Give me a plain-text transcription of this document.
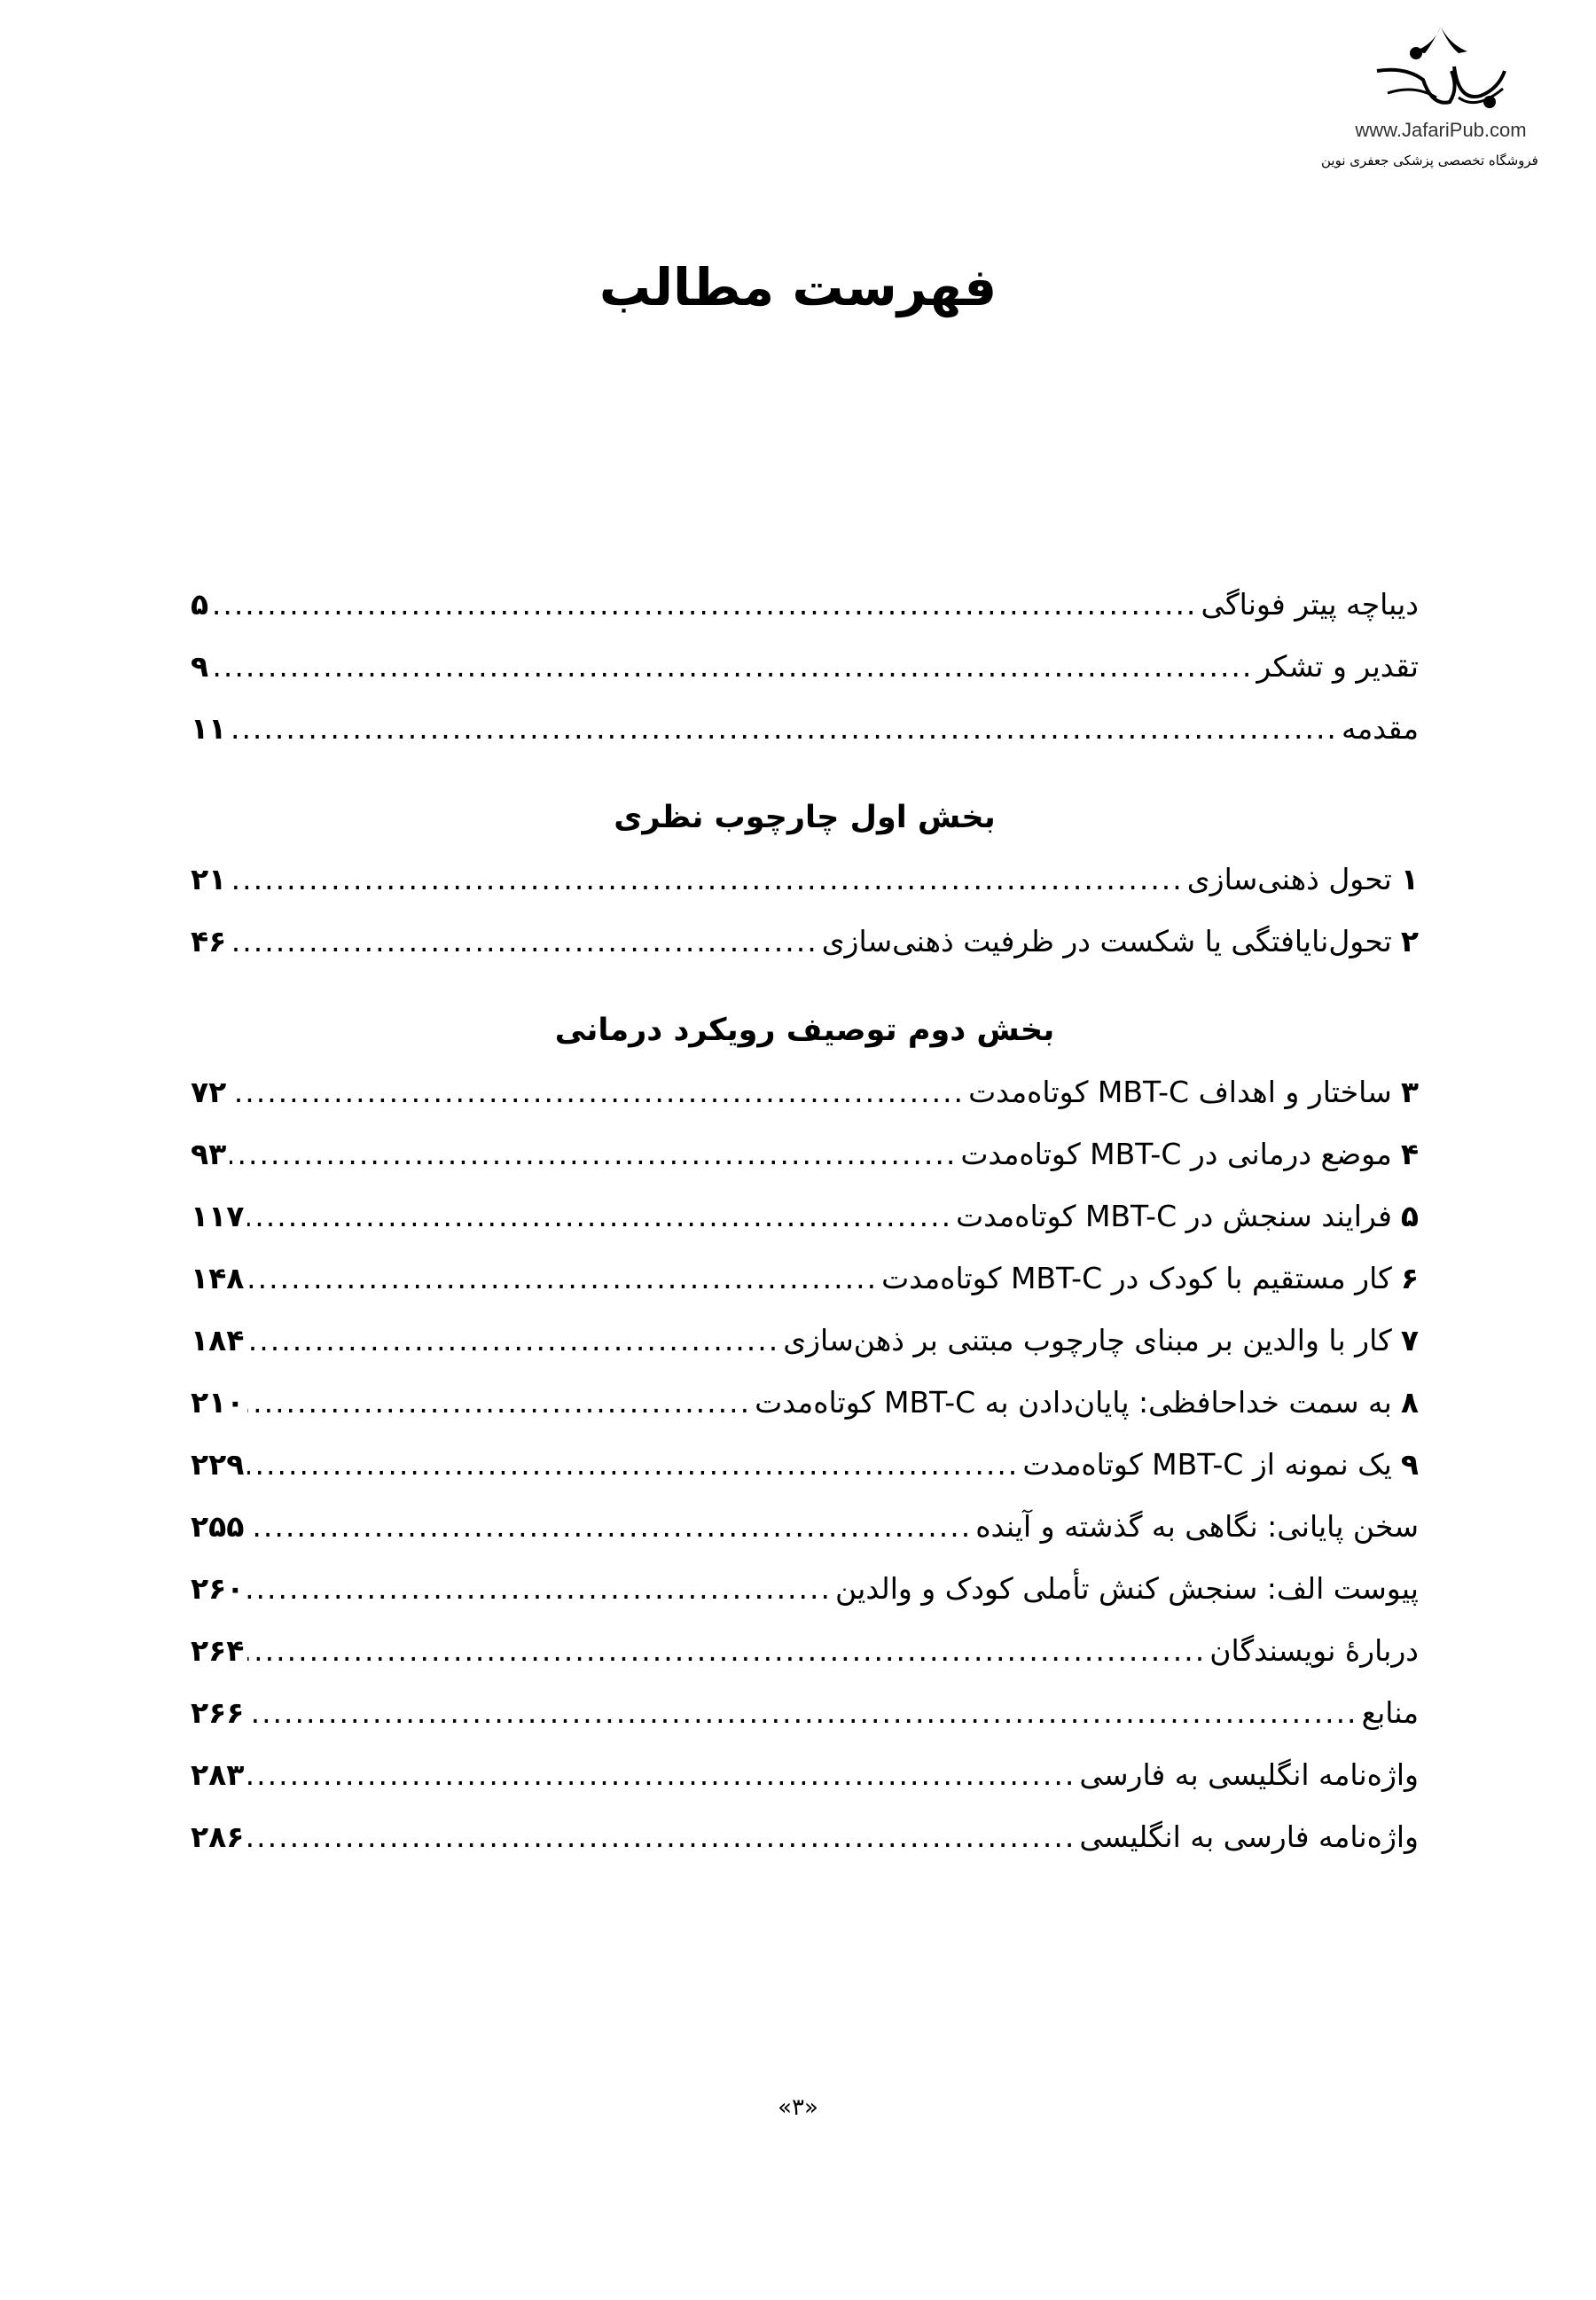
www.JafariPub.com
فروشگاه تخصصی پزشکی جعفری نوین
فهرست مطالب
دیباچه پیتر فوناگی
.....
۵
تقدیر و تشکر
.....
۹
مقدمه
.....
۱۱
بخش اول چارچوب نظری
۱
تحول ذهنی‌سازی
.....
۲۱
۲
تحول‌نایافتگی یا شکست در ظرفیت ذهنی‌سازی
.....
۴۶
بخش دوم توصیف رویکرد درمانی
۳
ساختار و اهداف MBT-C کوتاه‌مدت
.....
۷۲
۴
موضع درمانی در MBT-C کوتاه‌مدت
.....
۹۳
۵
فرایند سنجش در MBT-C کوتاه‌مدت
.....
۱۱۷
۶
کار مستقیم با کودک در MBT-C کوتاه‌مدت
.....
۱۴۸
۷
کار با والدین بر مبنای چارچوب مبتنی بر ذهن‌سازی
.....
۱۸۴
۸
به سمت خداحافظی: پایان‌دادن به MBT-C کوتاه‌مدت
.....
۲۱۰
۹
یک نمونه از MBT-C کوتاه‌مدت
.....
۲۲۹
سخن پایانی: نگاهی به گذشته و آینده
.....
۲۵۵
پیوست الف: سنجش کنش تأملی کودک و والدین
.....
۲۶۰
دربارهٔ نویسندگان
.....
۲۶۴
منابع
.....
۲۶۶
واژه‌نامه انگلیسی به فارسی
.....
۲۸۳
واژه‌نامه فارسی به انگلیسی
.....
۲۸۶
«۳»
